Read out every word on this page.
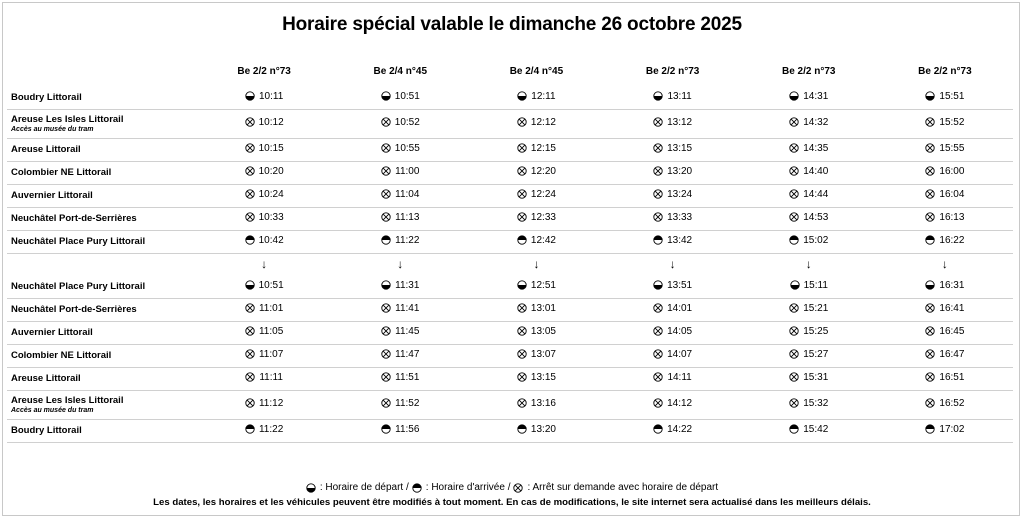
Horaire spécial valable le dimanche 26 octobre 2025
	Be 2/2 n°73	Be 2/4 n°45	Be 2/4 n°45	Be 2/2 n°73	Be 2/2 n°73	Be 2/2 n°73
Boudry Littorail	10:11	10:51	12:11	13:11	14:31	15:51

Areuse Les Isles Littorail
Accès au musée du tram	10:12	10:52	12:12	13:12	14:32	15:52

Areuse Littorail	10:15	10:55	12:15	13:15	14:35	15:55

Colombier NE Littorail	10:20	11:00	12:20	13:20	14:40	16:00

Auvernier Littorail	10:24	11:04	12:24	13:24	14:44	16:04

Neuchâtel Port-de-Serrières	10:33	11:13	12:33	13:33	14:53	16:13

Neuchâtel Place Pury Littorail	10:42	11:22	12:42	13:42	15:02	16:22

	↓	↓	↓	↓	↓	↓
Neuchâtel Place Pury Littorail	10:51	11:31	12:51	13:51	15:11	16:31

Neuchâtel Port-de-Serrières	11:01	11:41	13:01	14:01	15:21	16:41

Auvernier Littorail	11:05	11:45	13:05	14:05	15:25	16:45

Colombier NE Littorail	11:07	11:47	13:07	14:07	15:27	16:47

Areuse Littorail	11:11	11:51	13:15	14:11	15:31	16:51

Areuse Les Isles Littorail
Accès au musée du tram	11:12	11:52	13:16	14:12	15:32	16:52

Boudry Littorail	11:22	11:56	13:20	14:22	15:42	17:02
: Horaire de départ / : Horaire d'arrivée / : Arrêt sur demande avec horaire de départ
Les dates, les horaires et les véhicules peuvent être modifiés à tout moment. En cas de modifications, le site internet sera actualisé dans les meilleurs délais.
